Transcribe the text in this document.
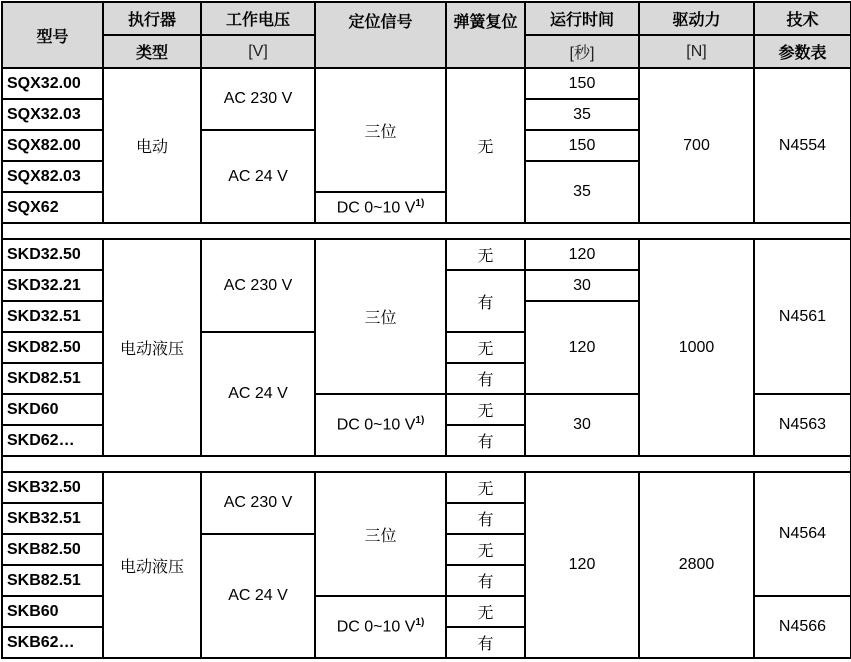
型号	执行器	工作电压	定位信号	弹簧复位	运行时间	驱动力	技术
	类型	[V]			[秒]	[N]	参数表
SQX32.00	电动	AC 230 V	三位	无	150	700	N4554
SQX32.03					35		
SQX82.00		AC 24 V			150		
SQX82.03					35		
SQX62			DC 0~10 $V^{1)}$

SKD32.50	电动液压	AC 230 V	三位	无	120	1000	N4561
SKD32.21				有	30		
SKD32.51					120		
SKD82.50		AC 24 V		无			
SKD82.51				有			
SKD60			DC 0~10 $V^{1)}$	无	30		N4563
SKD62…				有			

SKB32.50	电动液压	AC 230 V	三位	无	120	2800	N4564
SKB32.51				有			
SKB82.50		AC 24 V		无			
SKB82.51				有			
SKB60			DC 0~10 $V^{1)}$	无			N4566
SKB62…				有			
